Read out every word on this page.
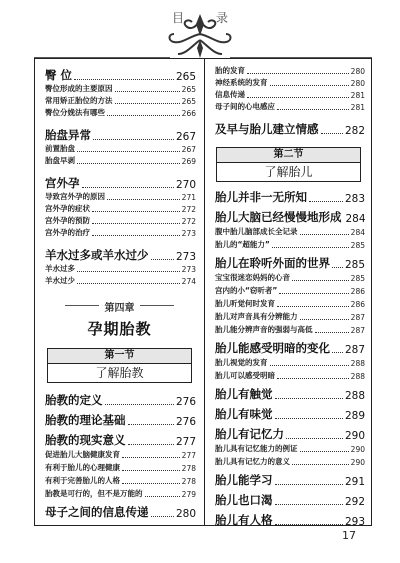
目	录
第四章
孕期胎教
第一节
了解胎教
臀 位	265
臀位形成的主要原因	265
常用矫正胎位的方法	265
臀位分娩法有哪些	266
胎盘异常	267
前置胎盘	267
胎盘早剥	269
宫外孕	270
导致宫外孕的原因	271
宫外孕的症状	272
宫外孕的预防	272
宫外孕的治疗	273
羊水过多或羊水过少	273
羊水过多	273
羊水过少	274
胎教的定义	276
胎教的理论基础	276
胎教的现实意义	277
促进胎儿大脑健康发育	277
有利于胎儿的心理健康	278
有利于完善胎儿的人格	278
胎教是可行的，但不是万能的	279
母子之间的信息传递	280
第二节
了解胎儿
胎的发育	280
神经系统的发育	280
信息传递	281
母子间的心电感应	281
及早与胎儿建立情感	282
胎儿并非一无所知	283
胎儿大脑已经慢慢地形成 284
腹中胎儿脑部成长全记录	284
胎儿的“超能力”	285
胎儿在聆听外面的世界 285
宝宝很迷恋妈妈的心音	285
宫内的小“窃听者”	286
胎儿听觉何时发育	286
胎儿对声音具有分辨能力	287
胎儿能分辨声音的强弱与高低	287
胎儿能感受明暗的变化 287
胎儿视觉的发育	288
胎儿可以感受明暗	288
胎儿有触觉	288
胎儿有味觉	289
胎儿有记忆力	290
胎儿具有记忆能力的例证	290
胎儿具有记忆力的意义	290
胎儿能学习	291
胎儿也口渴	292
胎儿有人格	293
17
